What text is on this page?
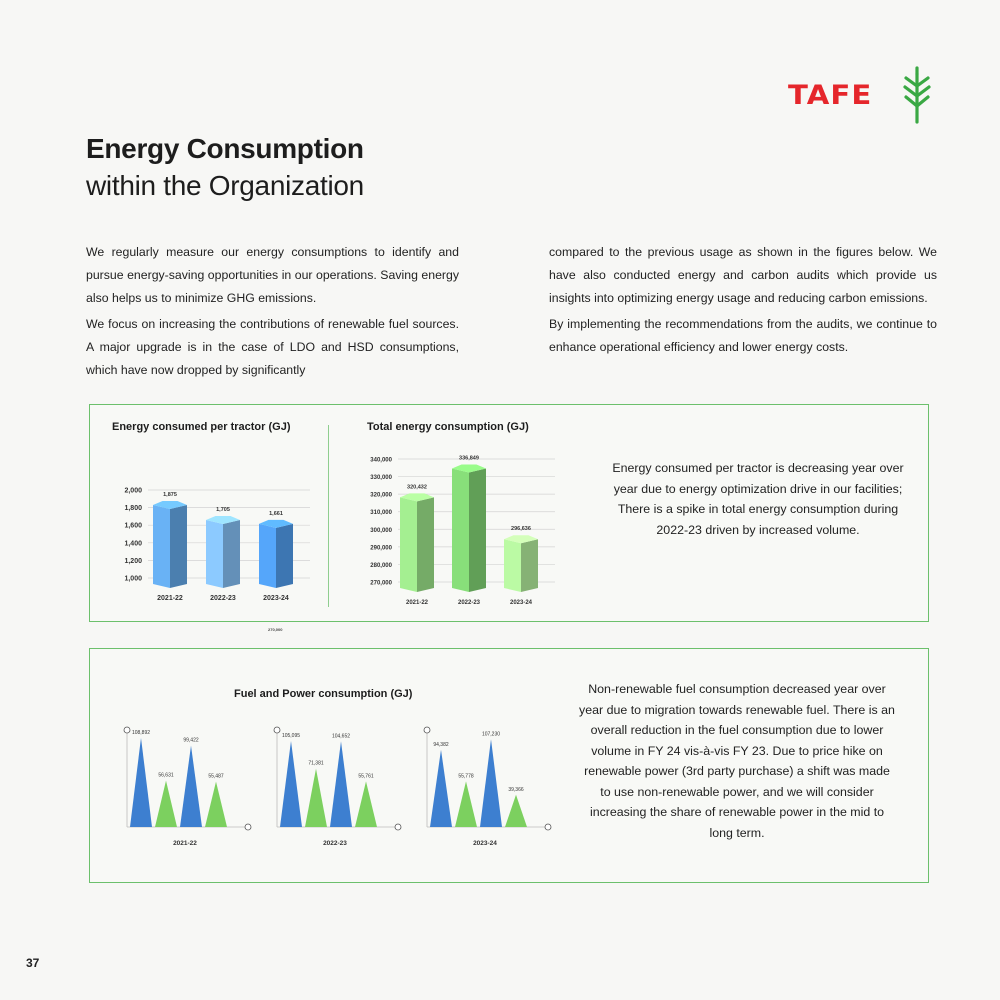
TAFE
Energy Consumption
within the Organization

We regularly measure our energy consumptions to identify and pursue energy-saving opportunities in our operations. Saving energy also helps us to minimize GHG emissions.

We focus on increasing the contributions of renewable fuel sources. A major upgrade is in the case of LDO and HSD consumptions, which have now dropped by significantly

compared to the previous usage as shown in the figures below. We have also conducted energy and carbon audits which provide us insights into optimizing energy usage and reducing carbon emissions.

By implementing the recommendations from the audits, we continue to enhance operational efficiency and lower energy costs.

Energy consumed per tractor (GJ)	Total energy consumption (GJ)
2,000
1,800
1,600
1,400
1,200
1,000
1,875
2021-22
1,705
2022-23
1,661
2023-24
340,000
330,000
320,000
310,000
300,000
290,000
280,000
270,000
320,432
2021-22
336,849
2022-23
296,636
2023-24
Energy consumed per tractor is decreasing year over year due to energy optimization drive in our facilities; There is a spike in total energy consumption during 2022-23 driven by increased volume.
270,000
Fuel and Power consumption (GJ)
108,892
56,631
99,422
55,487
2021-22
105,095
71,381
104,652
55,761
2022-23
94,382
55,778
107,230
39,366
2023-24
Non-renewable fuel consumption decreased year over year due to migration towards renewable fuel. There is an overall reduction in the fuel consumption due to lower volume in FY 24 vis-à-vis FY 23. Due to price hike on renewable power (3rd party purchase) a shift was made to use non-renewable power, and we will consider increasing the share of renewable power in the mid to long term.
37
